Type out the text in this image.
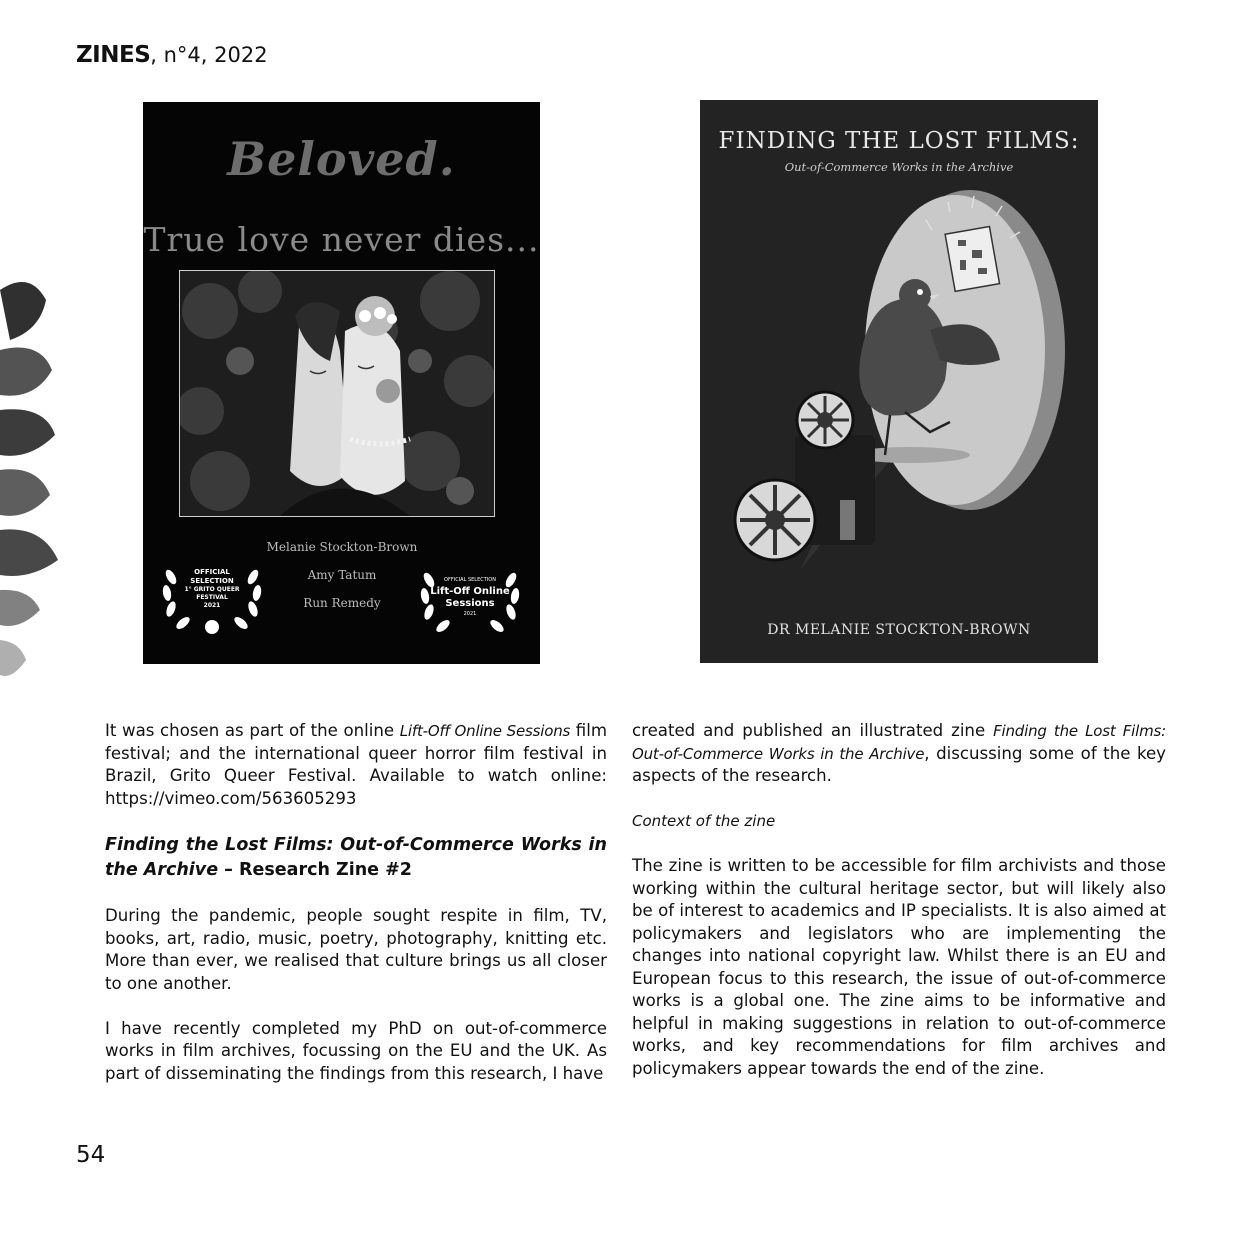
ZINES, n°4, 2022
Beloved.
True love never dies...
Melanie Stockton-Brown
Amy Tatum
Run Remedy
OFFICIAL
SELECTION
1° GRITO QUEER
FESTIVAL
2021
OFFICIAL SELECTION
Lift-Off Online
Sessions
2021
FINDING THE LOST FILMS:
Out-of-Commerce Works in the Archive
DR MELANIE STOCKTON-BROWN

It was chosen as part of the online Lift-Off Online Sessions film festival; and the international queer horror film festival in Brazil, Grito Queer Festival. Available to watch online: https://vimeo.com/563605293

Finding the Lost Films: Out-of-Commerce Works in the Archive – Research Zine #2

During the pandemic, people sought respite in film, TV, books, art, radio, music, poetry, photography, knitting etc. More than ever, we realised that culture brings us all closer to one another.

I have recently completed my PhD on out-of-commerce works in film archives, focussing on the EU and the UK. As part of disseminating the findings from this research, I have

created and published an illustrated zine Finding the Lost Films: Out-of-Commerce Works in the Archive, discussing some of the key aspects of the research.

Context of the zine

The zine is written to be accessible for film archivists and those working within the cultural heritage sector, but will likely also be of interest to academics and IP specialists. It is also aimed at policymakers and legislators who are implementing the changes into national copyright law. Whilst there is an EU and European focus to this research, the issue of out-of-commerce works is a global one. The zine aims to be informative and helpful in making suggestions in relation to out-of-commerce works, and key recommendations for film archives and policymakers appear towards the end of the zine.

54
